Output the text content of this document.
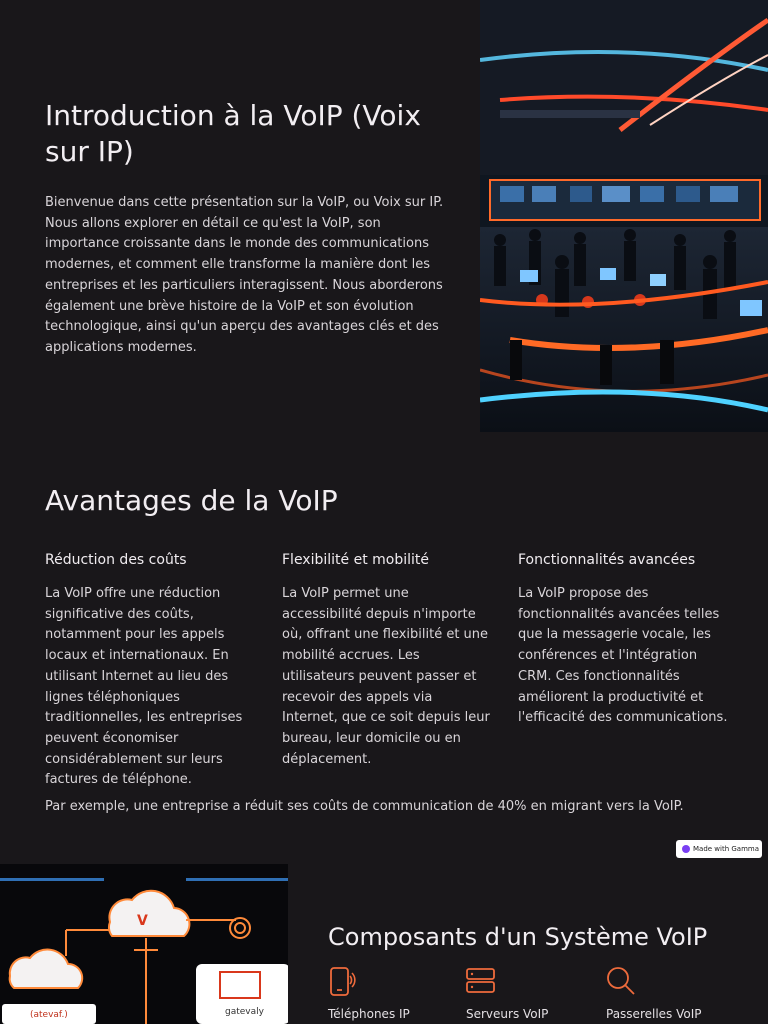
Introduction à la VoIP (Voix sur IP)

Bienvenue dans cette présentation sur la VoIP, ou Voix sur IP. Nous allons explorer en détail ce qu'est la VoIP, son importance croissante dans le monde des communications modernes, et comment elle transforme la manière dont les entreprises et les particuliers interagissent. Nous aborderons également une brève histoire de la VoIP et son évolution technologique, ainsi qu'un aperçu des avantages clés et des applications modernes.

Avantages de la VoIP
Réduction des coûts

La VoIP offre une réduction significative des coûts, notamment pour les appels locaux et internationaux. En utilisant Internet au lieu des lignes téléphoniques traditionnelles, les entreprises peuvent économiser considérablement sur leurs factures de téléphone.

Flexibilité et mobilité

La VoIP permet une accessibilité depuis n'importe où, offrant une flexibilité et une mobilité accrues. Les utilisateurs peuvent passer et recevoir des appels via Internet, que ce soit depuis leur bureau, leur domicile ou en déplacement.

Fonctionnalités avancées

La VoIP propose des fonctionnalités avancées telles que la messagerie vocale, les conférences et l'intégration CRM. Ces fonctionnalités améliorent la productivité et l'efficacité des communications.

Par exemple, une entreprise a réduit ses coûts de communication de 40% en migrant vers la VoIP.

Made with Gamma
V
(atevaf.)	gatevaly
Composants d'un Système VoIP
Téléphones IP	Serveurs VoIP	Passerelles VoIP
